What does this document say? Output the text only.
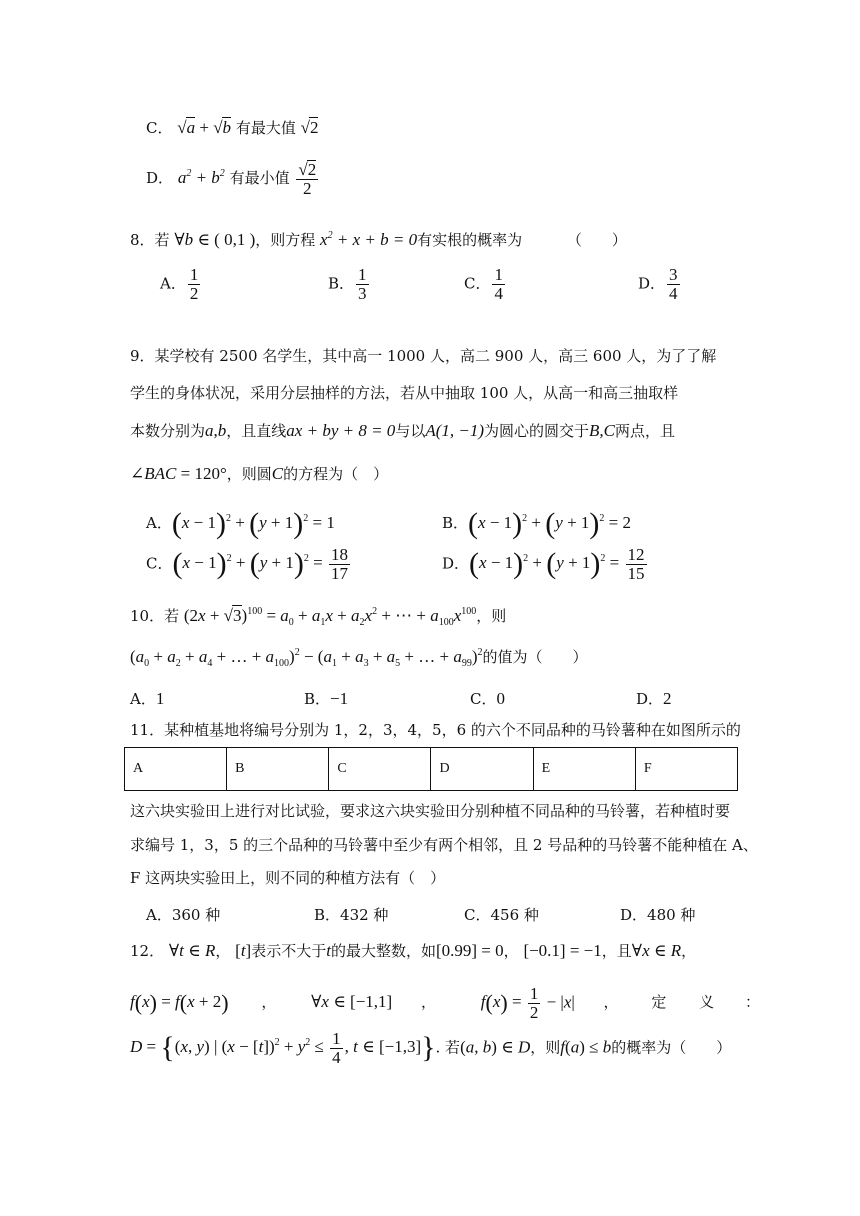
C． √a + √b 有最大值 √2
D． $a^2 + b^2$ 有最小值 $\frac{√2}{2}$
8．若 ∀b ∈ ( 0,1 )，则方程 $x^2 + x + b = 0$有实根的概率为	（　　）
A． $\frac{1}{2}$	B． $\frac{1}{3}$	C． $\frac{1}{4}$	D． $\frac{3}{4}$
9．某学校有 2500 名学生，其中高一 1000 人，高二 900 人，高三 600 人，为了了解
学生的身体状况，采用分层抽样的方法，若从中抽取 100 人，从高一和高三抽取样
本数分别为a,b，且直线ax + by + 8 = 0与以A(1, −1)为圆心的圆交于B,C两点，且
∠BAC = 120°，则圆C的方程为（　）
A．$(x - 1)^2 + (y + 1)^2 = 1$	B．$(x - 1)^2 + (y + 1)^2 = 2$
C．$(x - 1)^2 + (y + 1)^2 = \frac{18}{17}$	D．$(x - 1)^2 + (y + 1)^2 = \frac{12}{15}$
10．若 $(2x + √3)^{100} = a_0 + a_1x + a_2x^2$ + ⋯ + $a_{100}x^{100}$，则
($a_0 + a_2 + a_4$ + … + $a_{100})^2 - (a_1 + a_3 + a_5$ + … + $a_{99})^2$的值为（　　）
A．1	B．−1	C．0	D．2
11．某种植基地将编号分别为 1，2，3，4，5，6 的六个不同品种的马铃薯种在如图所示的
A	B	C	D	E	F
这六块实验田上进行对比试验，要求这六块实验田分别种植不同品种的马铃薯，若种植时要
求编号 1，3，5 的三个品种的马铃薯中至少有两个相邻，且 2 号品种的马铃薯不能种植在 A、
F 这两块实验田上，则不同的种植方法有（　）
A．360 种	B．432 种	C．456 种	D．480 种
12． ∀t ∈ R， [t]表示不大于t的最大整数，如[0.99] = 0， [−0.1] = −1，且∀x ∈ R，
f(x) = f(x + 2) ， ∀x ∈ [−1,1] ，	$f(x) = \frac{1}{2} - |x|$ ， 定 义 ：
D = {(x, y) | $(x - [t])^2 + y^2 \le \frac{1}{4}$ , t ∈ [−1,3]}. 若(a, b) ∈ D，则f(a) ≤ b的概率为（　　）
